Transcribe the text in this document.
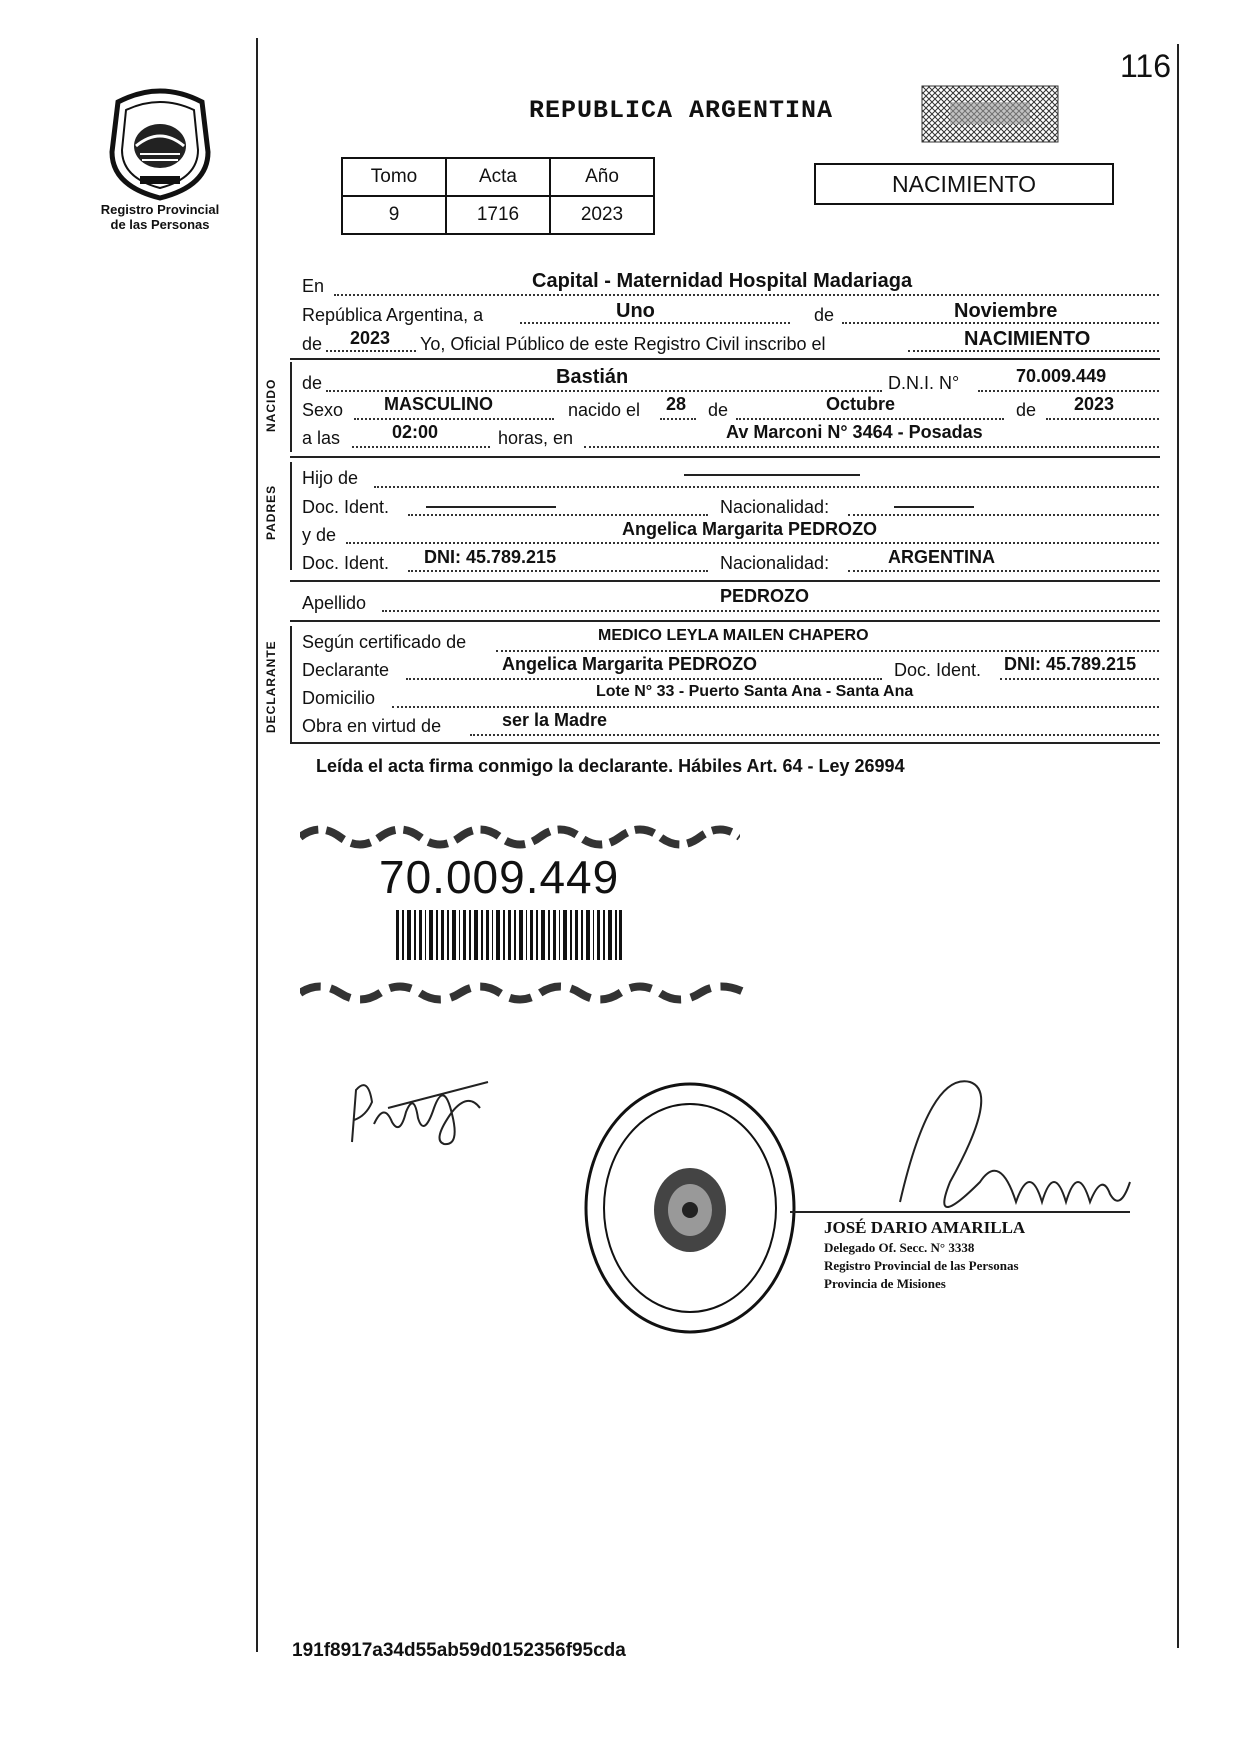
Registro Provincial
de las Personas
116
REPUBLICA ARGENTINA
Tomo	Acta	Año
9	1716	2023
NACIMIENTO
En	Capital - Maternidad Hospital Madariaga
República Argentina, a	Uno	de	Noviembre
de 2023 Yo, Oficial Público de este Registro Civil inscribo el	NACIMIENTO
NACIDO de	Bastián	D.N.I. N°	70.009.449
Sexo MASCULINO	nacido el 28 de	Octubre	de 2023
a las	02:00	horas, en	Av Marconi N° 3464 - Posadas
PADRES
Hijo de
Doc. Ident.	Nacionalidad:
y de	Angelica Margarita PEDROZO
Doc. Ident. DNI: 45.789.215	Nacionalidad:	ARGENTINA
Apellido	PEDROZO
DECLARANTE Según certificado de	MEDICO LEYLA MAILEN CHAPERO
Declarante	Angelica Margarita PEDROZO	Doc. Ident. DNI: 45.789.215
Domicilio	Lote N° 33 - Puerto Santa Ana - Santa Ana
Obra en virtud de	ser la Madre
Leída el acta firma conmigo la declarante. Hábiles Art. 64 - Ley 26994
70.009.449
JOSÉ DARIO AMARILLA
Delegado Of. Secc. N° 3338
Registro Provincial de las Personas
Provincia de Misiones
191f8917a34d55ab59d0152356f95cda
